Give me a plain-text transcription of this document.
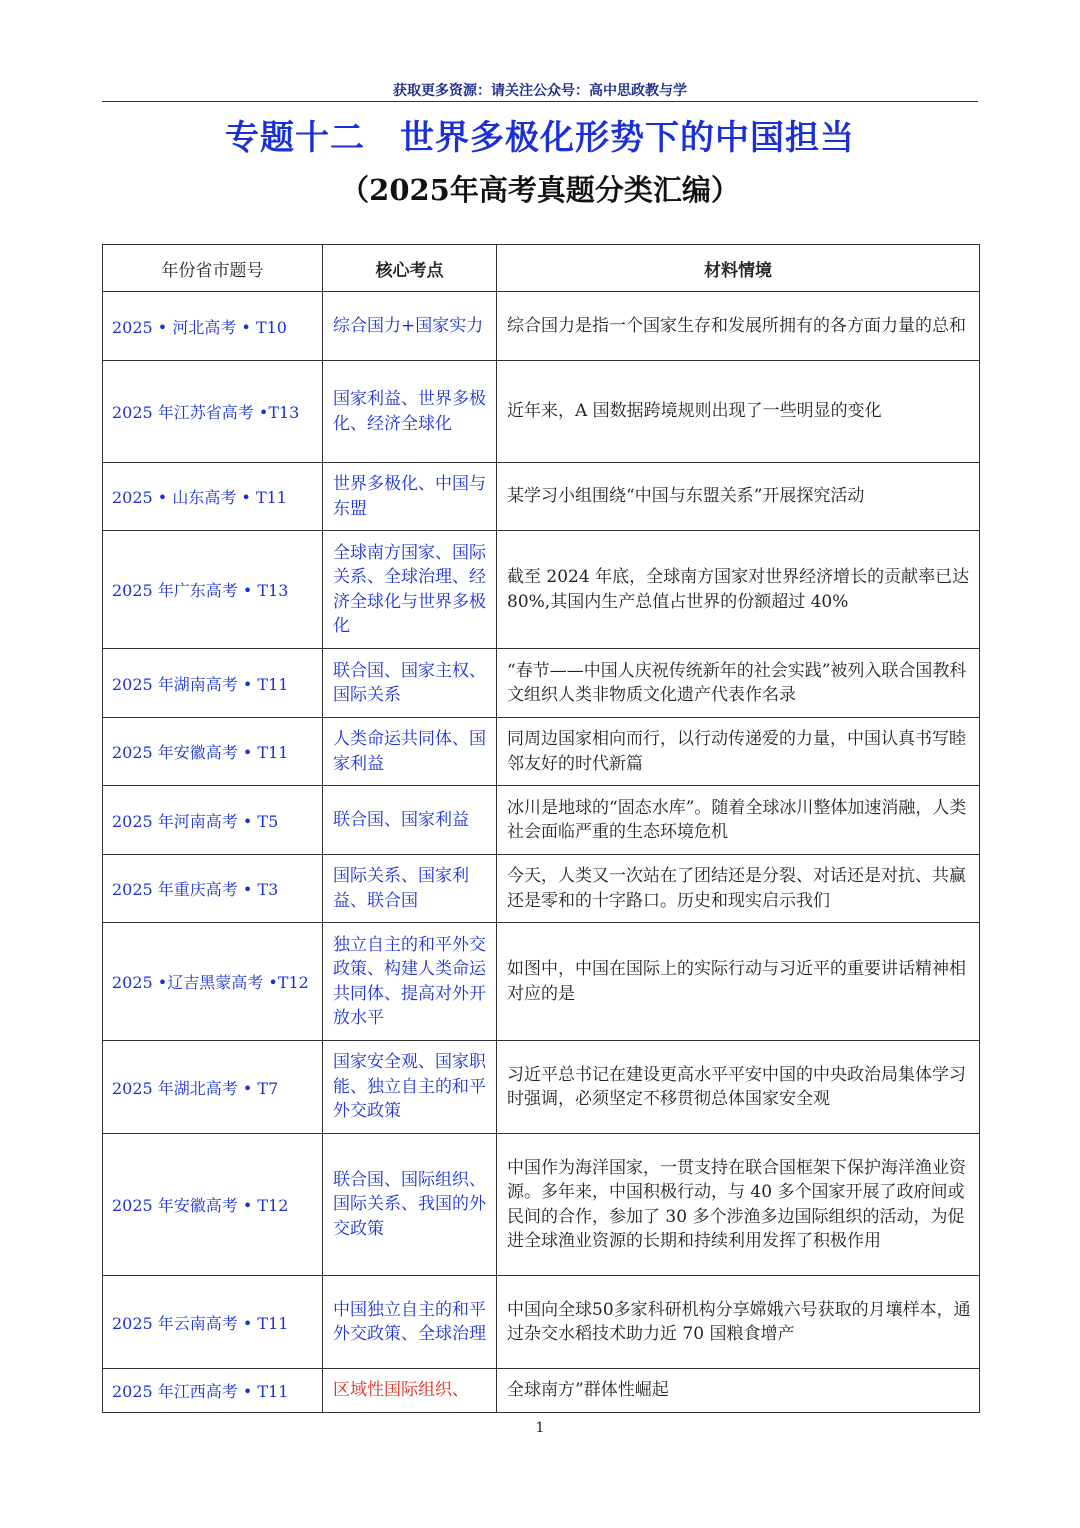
获取更多资源：请关注公众号：高中思政教与学
专题十二　世界多极化形势下的中国担当
（2025年高考真题分类汇编）
年份省市题号	核心考点	材料情境
2025 • 河北高考 • T10	综合国力+国家实力	综合国力是指一个国家生存和发展所拥有的各方面力量的总和
2025 年江苏省高考 •T13	国家利益、世界多极化、经济全球化	近年来，A 国数据跨境规则出现了一些明显的变化
2025 • 山东高考 • T11	世界多极化、中国与东盟	某学习小组围绕“中国与东盟关系”开展探究活动
2025 年广东高考 • T13	全球南方国家、国际关系、全球治理、经济全球化与世界多极化	截至 2024 年底，全球南方国家对世界经济增长的贡献率已达 80%,其国内生产总值占世界的份额超过 40%
2025 年湖南高考 • T11	联合国、国家主权、国际关系	“春节——中国人庆祝传统新年的社会实践”被列入联合国教科文组织人类非物质文化遗产代表作名录
2025 年安徽高考 • T11	人类命运共同体、国家利益	同周边国家相向而行，以行动传递爱的力量，中国认真书写睦邻友好的时代新篇
2025 年河南高考 • T5	联合国、国家利益	冰川是地球的“固态水库”。随着全球冰川整体加速消融，人类社会面临严重的生态环境危机
2025 年重庆高考 • T3	国际关系、国家利益、联合国	今天，人类又一次站在了团结还是分裂、对话还是对抗、共赢还是零和的十字路口。历史和现实启示我们
2025 •辽吉黑蒙高考 •T12	独立自主的和平外交政策、构建人类命运共同体、提高对外开放水平	如图中，中国在国际上的实际行动与习近平的重要讲话精神相对应的是
2025 年湖北高考 • T7	国家安全观、国家职能、独立自主的和平外交政策	习近平总书记在建设更高水平平安中国的中央政治局集体学习时强调，必须坚定不移贯彻总体国家安全观
2025 年安徽高考 • T12	联合国、国际组织、国际关系、我国的外交政策	中国作为海洋国家，一贯支持在联合国框架下保护海洋渔业资源。多年来，中国积极行动，与 40 多个国家开展了政府间或民间的合作，参加了 30 多个涉渔多边国际组织的活动，为促进全球渔业资源的长期和持续利用发挥了积极作用
2025 年云南高考 • T11	中国独立自主的和平外交政策、全球治理	中国向全球50多家科研机构分享嫦娥六号获取的月壤样本，通过杂交水稻技术助力近 70 国粮食增产
2025 年江西高考 • T11	区域性国际组织、	全球南方”群体性崛起
1
